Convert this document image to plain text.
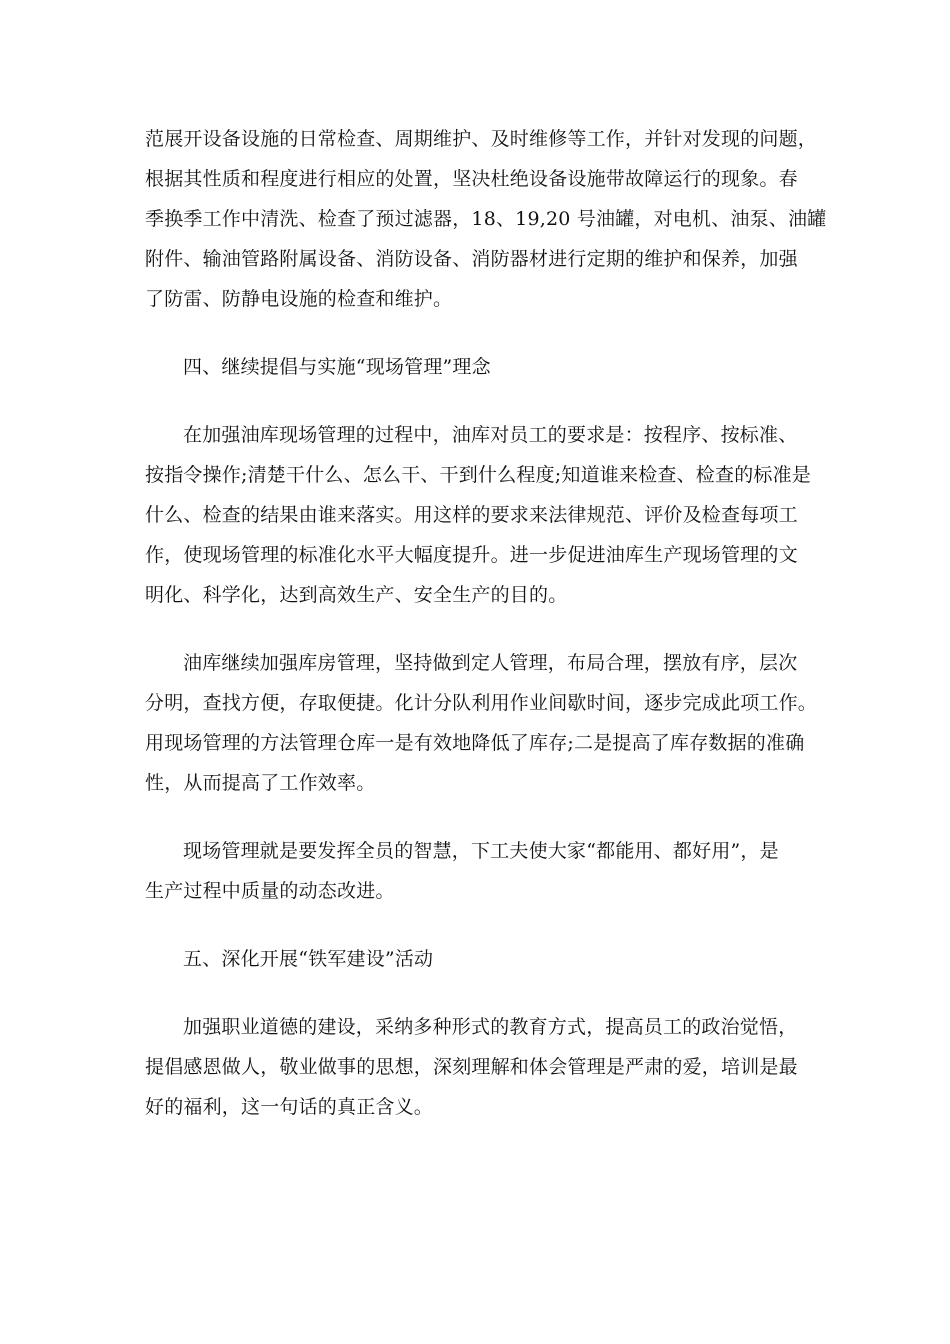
范展开设备设施的日常检查、周期维护、及时维修等工作，并针对发现的问题，
根据其性质和程度进行相应的处置，坚决杜绝设备设施带故障运行的现象。春
季换季工作中清洗、检查了预过滤器，18、19,20 号油罐，对电机、油泵、油罐
附件、输油管路附属设备、消防设备、消防器材进行定期的维护和保养，加强
了防雷、防静电设施的检查和维护。
四、继续提倡与实施“现场管理”理念
在加强油库现场管理的过程中，油库对员工的要求是：按程序、按标准、
按指令操作;清楚干什么、怎么干、干到什么程度;知道谁来检查、检查的标准是
什么、检查的结果由谁来落实。用这样的要求来法律规范、评价及检查每项工
作，使现场管理的标准化水平大幅度提升。进一步促进油库生产现场管理的文
明化、科学化，达到高效生产、安全生产的目的。
油库继续加强库房管理，坚持做到定人管理，布局合理，摆放有序，层次
分明，查找方便，存取便捷。化计分队利用作业间歇时间，逐步完成此项工作。
用现场管理的方法管理仓库一是有效地降低了库存;二是提高了库存数据的准确
性，从而提高了工作效率。
现场管理就是要发挥全员的智慧，下工夫使大家“都能用、都好用”，是
生产过程中质量的动态改进。
五、深化开展“铁军建设”活动
加强职业道德的建设，采纳多种形式的教育方式，提高员工的政治觉悟，
提倡感恩做人，敬业做事的思想，深刻理解和体会管理是严肃的爱，培训是最
好的福利，这一句话的真正含义。
